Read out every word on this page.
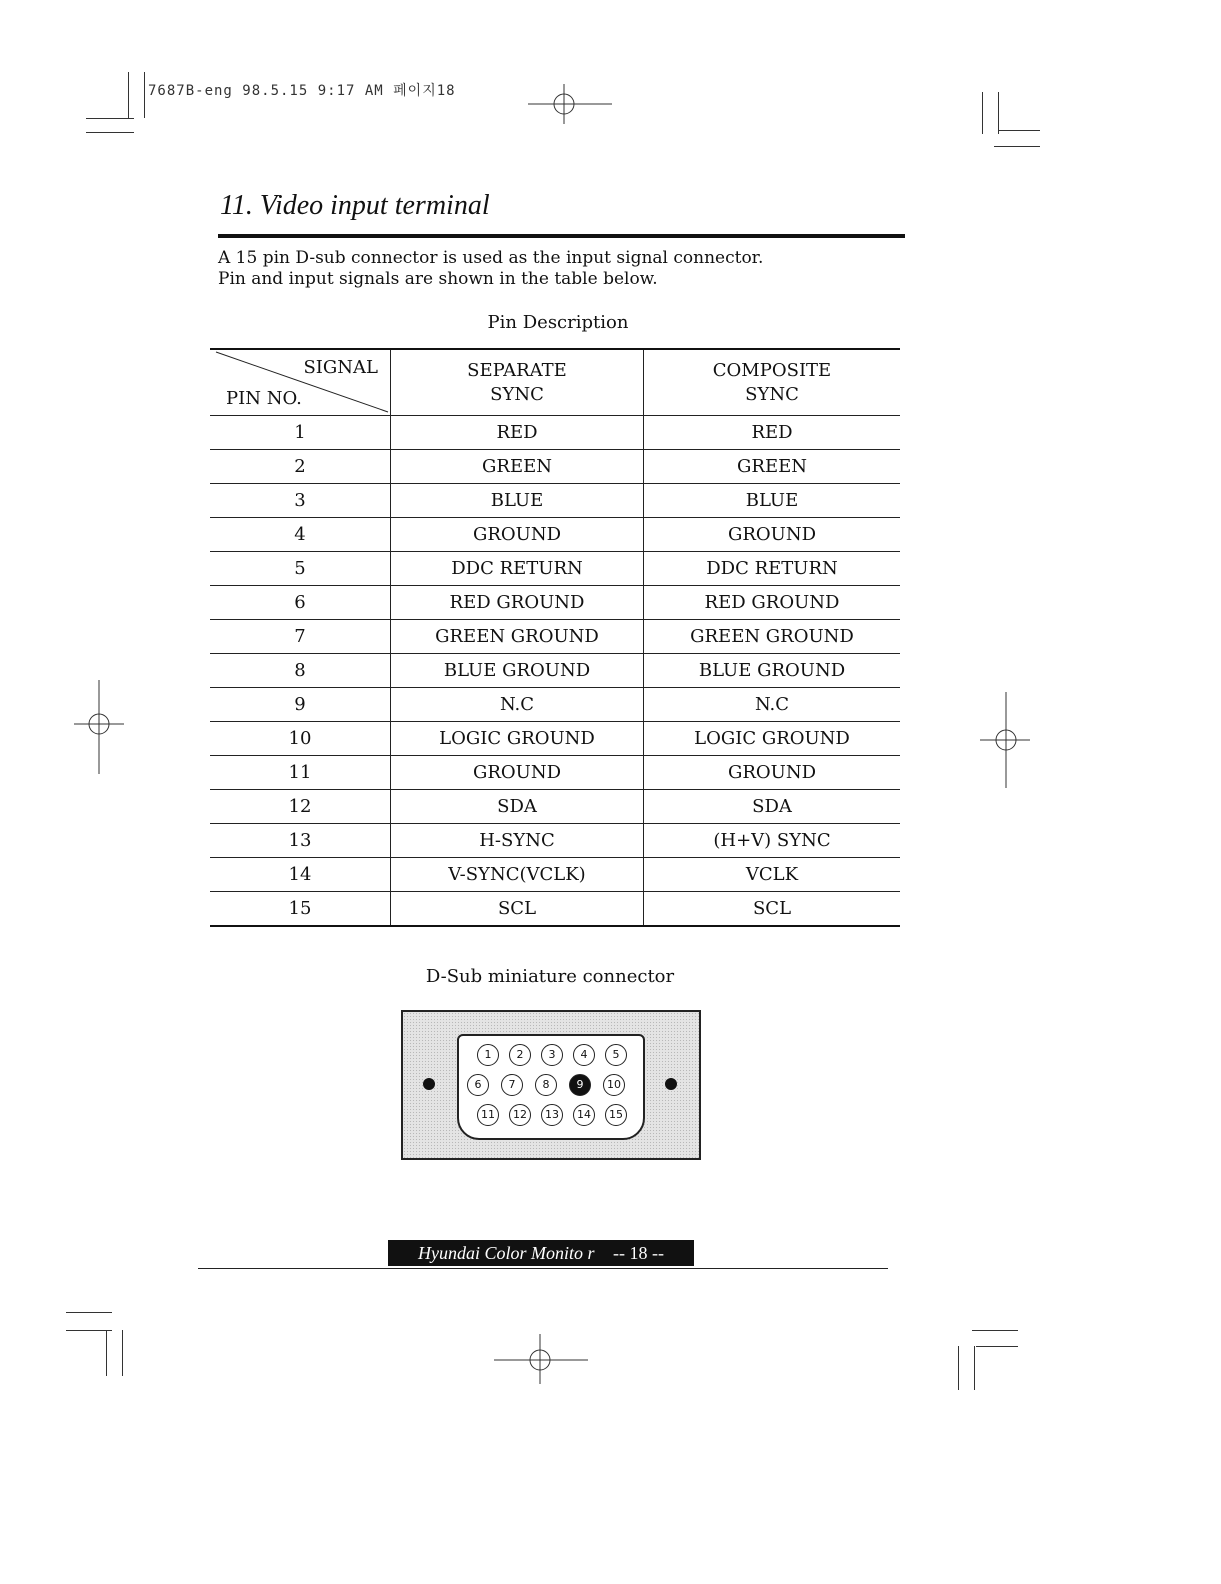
7687B-eng 98.5.15 9:17 AM 페이지18
11. Video input terminal
A 15 pin D-sub connector is used as the input signal connector.
Pin and input signals are shown in the table below.
Pin Description
SIGNAL
PIN NO.	SEPARATE SYNC	COMPOSITE SYNC
1	RED	RED
2	GREEN	GREEN
3	BLUE	BLUE
4	GROUND	GROUND
5	DDC RETURN	DDC RETURN
6	RED GROUND	RED GROUND
7	GREEN GROUND	GREEN GROUND
8	BLUE GROUND	BLUE GROUND
9	N.C	N.C
10	LOGIC GROUND	LOGIC GROUND
11	GROUND	GROUND
12	SDA	SDA
13	H-SYNC	(H+V) SYNC
14	V-SYNC(VCLK)	VCLK
15	SCL	SCL
D-Sub miniature connector
1	2	3	4	5
6	7	8	9	10
11	12	13	14	15
Hyundai Color Monito r -- 18 --
